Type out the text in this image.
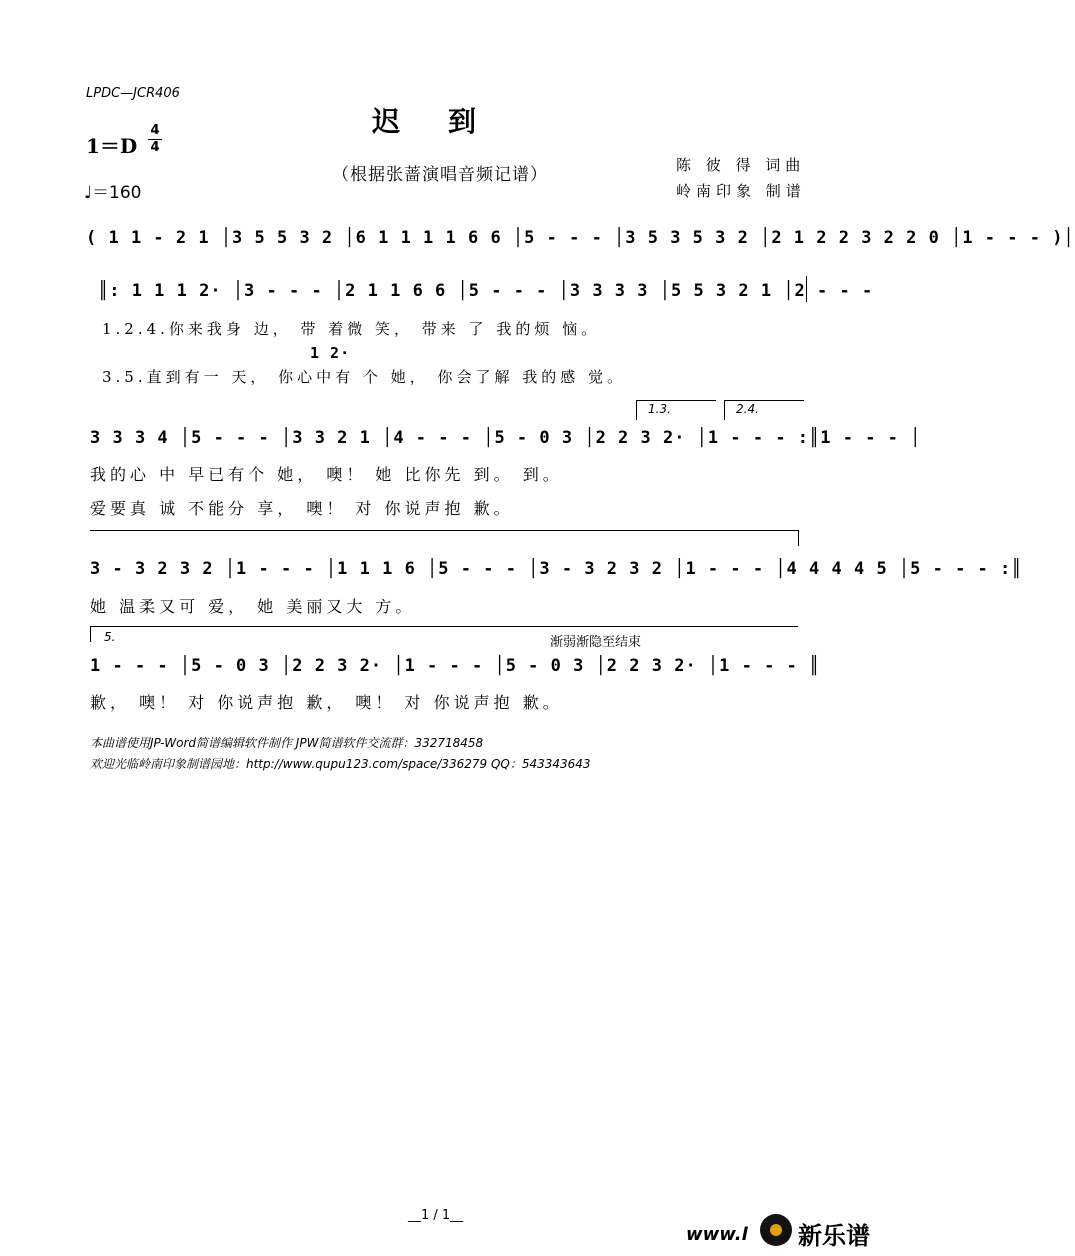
LPDC—JCR406
迟到
（根据张蔷演唱音频记谱）
1＝D
4
4
♩＝160
陈 彼 得 词曲
岭南印象 制谱
( 1 1 - 2 1 │3 5 5 3 2 │6 1 1 1 1 6 6 │5 - - - │3 5 3 5 3 2 │2 1 2 2 3 2 2 0 │1 - - - )│
║: 1 1 1 2· │3 - - - │2 1 1 6 6 │5 - - - │3 3 3 3 │5 5 3 2 1 │2 - - -
1.2.4.你来我身 边， 带 着微 笑， 带来 了 我的烦 恼。
1 2·
3.5.直到有一 天， 你心中有 个 她， 你会了解 我的感 觉。
1.3.	2.4.
3 3 3 4 │5 - - - │3 3 2 1 │4 - - - │5 - 0 3 │2 2 3 2· │1 - - - :║1 - - - │
我的心 中 早已有个 她， 噢！ 她 比你先 到。 到。
爱要真 诚 不能分 享， 噢！ 对 你说声抱 歉。
3 - 3 2 3 2 │1 - - - │1 1 1 6 │5 - - - │3 - 3 2 3 2 │1 - - - │4 4 4 4 5 │5 - - - :║
她 温柔又可 爱， 她 美丽又大 方。
5.	渐弱渐隐至结束
1 - - - │5 - 0 3 │2 2 3 2· │1 - - - │5 - 0 3 │2 2 3 2· │1 - - - ║
歉， 噢！ 对 你说声抱 歉， 噢！ 对 你说声抱 歉。
本曲谱使用JP-Word简谱编辑软件制作 JPW简谱软件交流群：332718458
欢迎光临岭南印象制谱园地：http://www.qupu123.com/space/336279 QQ：543343643
__1 / 1__
www.l 新乐谱
